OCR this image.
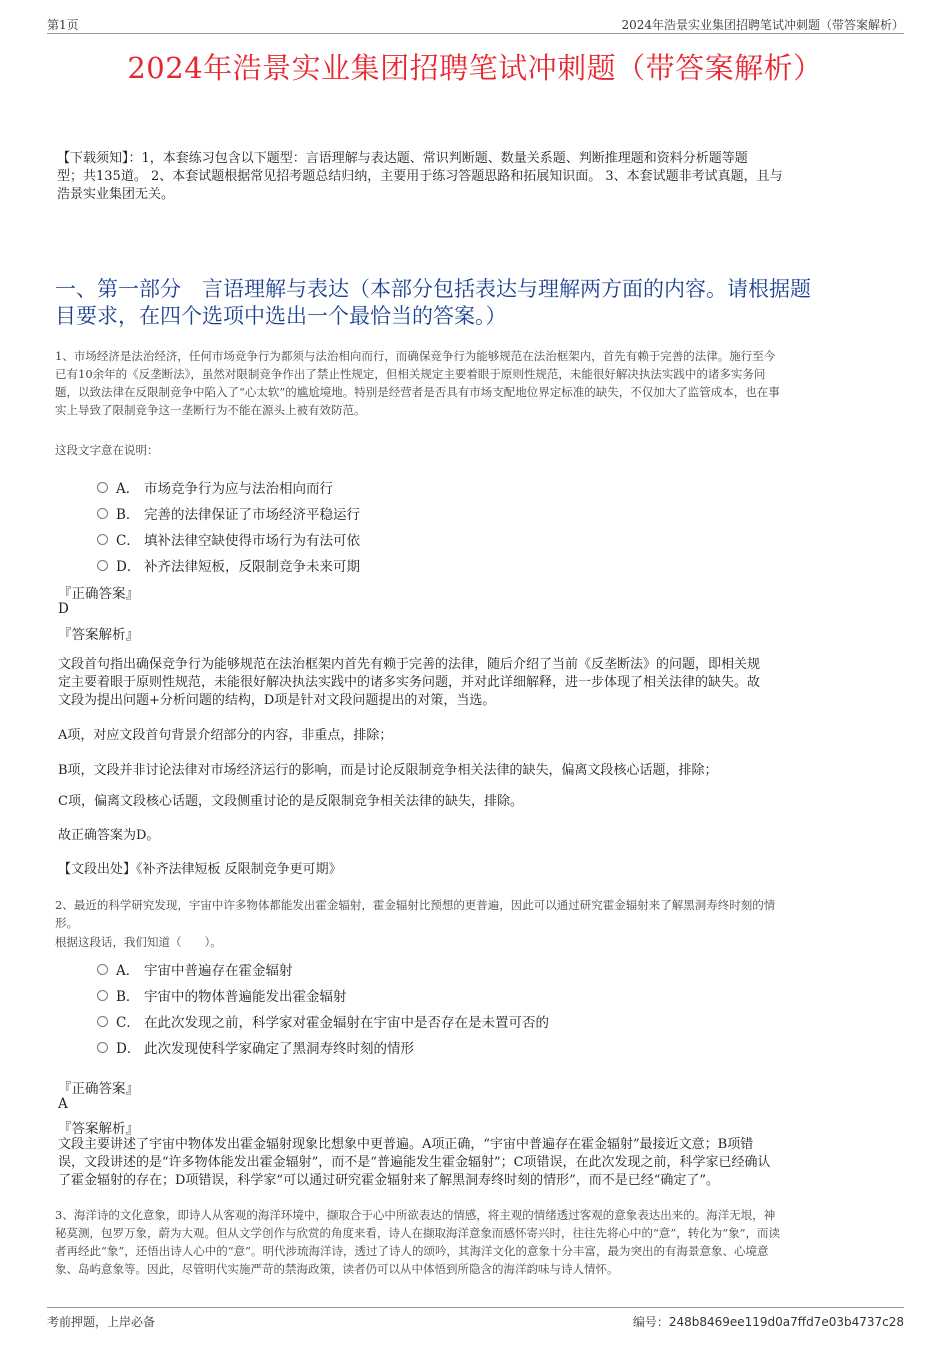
第1页	2024年浩景实业集团招聘笔试冲刺题（带答案解析）
2024年浩景实业集团招聘笔试冲刺题（带答案解析）
【下载须知】：1，本套练习包含以下题型：言语理解与表达题、常识判断题、数量关系题、判断推理题和资料分析题等题
型；共135道。 2、本套试题根据常见招考题总结归纳，主要用于练习答题思路和拓展知识面。 3、本套试题非考试真题，且与
浩景实业集团无关。
一、第一部分　言语理解与表达（本部分包括表达与理解两方面的内容。请根据题
目要求，在四个选项中选出一个最恰当的答案。）
1、市场经济是法治经济，任何市场竞争行为都须与法治相向而行，而确保竞争行为能够规范在法治框架内，首先有赖于完善的法律。施行至今
已有10余年的《反垄断法》，虽然对限制竞争作出了禁止性规定，但相关规定主要着眼于原则性规范，未能很好解决执法实践中的诸多实务问
题，以致法律在反限制竞争中陷入了“心太软”的尴尬境地。特别是经营者是否具有市场支配地位界定标准的缺失，不仅加大了监管成本，也在事
实上导致了限制竞争这一垄断行为不能在源头上被有效防范。
这段文字意在说明：
A． 市场竞争行为应与法治相向而行
B． 完善的法律保证了市场经济平稳运行
C． 填补法律空缺使得市场行为有法可依
D． 补齐法律短板，反限制竞争未来可期
『正确答案』
D
『答案解析』
文段首句指出确保竞争行为能够规范在法治框架内首先有赖于完善的法律，随后介绍了当前《反垄断法》的问题，即相关规
定主要着眼于原则性规范，未能很好解决执法实践中的诸多实务问题，并对此详细解释，进一步体现了相关法律的缺失。故
文段为提出问题+分析问题的结构，D项是针对文段问题提出的对策，当选。
A项，对应文段首句背景介绍部分的内容，非重点，排除；
B项，文段并非讨论法律对市场经济运行的影响，而是讨论反限制竞争相关法律的缺失，偏离文段核心话题，排除；
C项，偏离文段核心话题，文段侧重讨论的是反限制竞争相关法律的缺失，排除。
故正确答案为D。
【文段出处】《补齐法律短板 反限制竞争更可期》
2、最近的科学研究发现，宇宙中许多物体都能发出霍金辐射，霍金辐射比预想的更普遍，因此可以通过研究霍金辐射来了解黑洞寿终时刻的情
形。
根据这段话，我们知道（　　）。
A． 宇宙中普遍存在霍金辐射
B． 宇宙中的物体普遍能发出霍金辐射
C． 在此次发现之前，科学家对霍金辐射在宇宙中是否存在是未置可否的
D． 此次发现使科学家确定了黑洞寿终时刻的情形
『正确答案』
A
『答案解析』
文段主要讲述了宇宙中物体发出霍金辐射现象比想象中更普遍。A项正确，“宇宙中普遍存在霍金辐射”最接近文意；B项错
误，文段讲述的是“许多物体能发出霍金辐射”，而不是“普遍能发生霍金辐射”；C项错误，在此次发现之前，科学家已经确认
了霍金辐射的存在；D项错误，科学家“可以通过研究霍金辐射来了解黑洞寿终时刻的情形”，而不是已经“确定了”。
3、海洋诗的文化意象，即诗人从客观的海洋环境中，撷取合于心中所欲表达的情感，将主观的情绪透过客观的意象表达出来的。海洋无垠，神
秘莫测，包罗万象，蔚为大观。但从文学创作与欣赏的角度来看，诗人在撷取海洋意象而感怀寄兴时，往往先将心中的“意”，转化为“象”，而读
者再经此“象”，还悟出诗人心中的“意”。明代涉琉海洋诗，透过了诗人的颂吟，其海洋文化的意象十分丰富，最为突出的有海景意象、心境意
象、岛屿意象等。因此，尽管明代实施严苛的禁海政策，读者仍可以从中体悟到所隐含的海洋韵味与诗人情怀。
考前押题，上岸必备	编号：248b8469ee119d0a7ffd7e03b4737c28
